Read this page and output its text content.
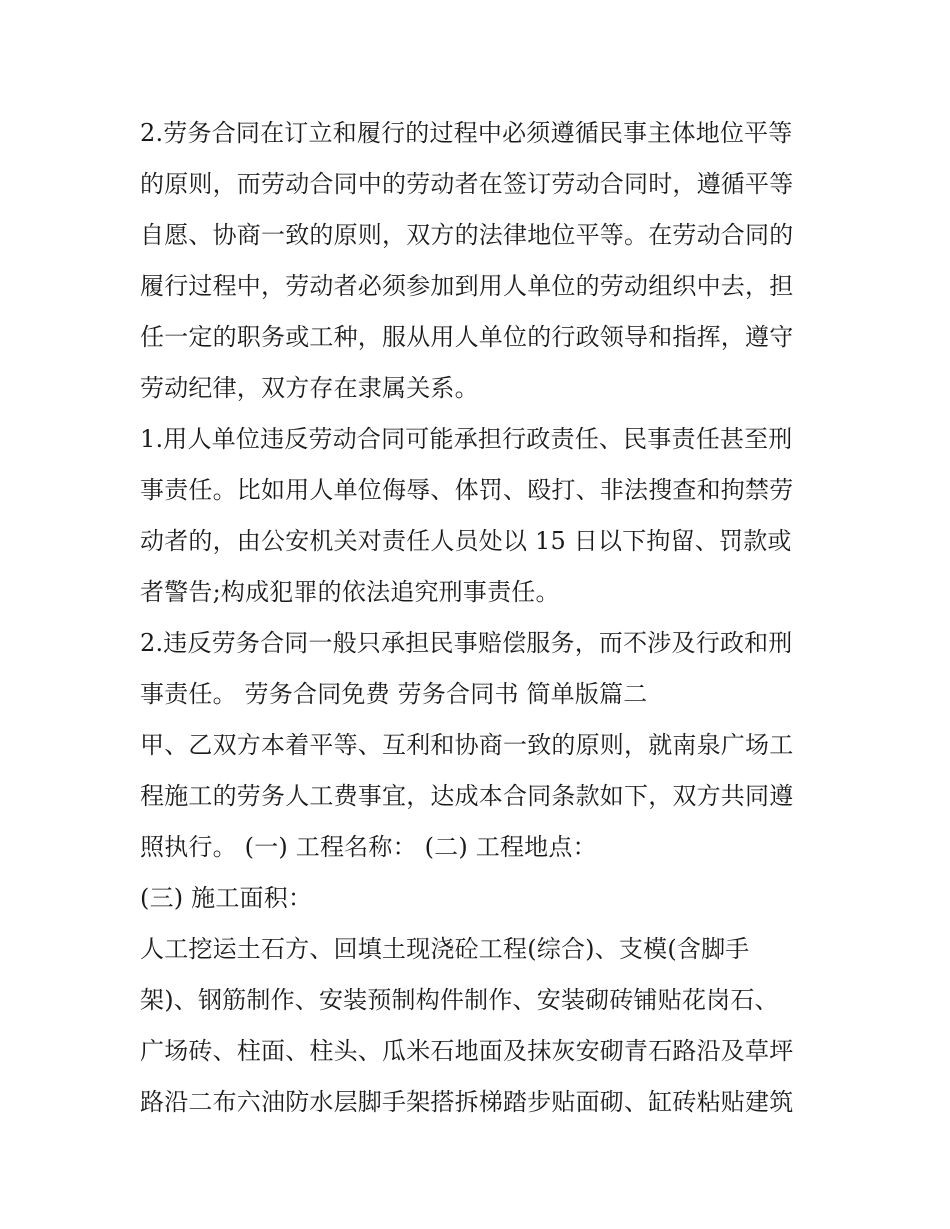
2.劳务合同在订立和履行的过程中必须遵循民事主体地位平等
的原则，而劳动合同中的劳动者在签订劳动合同时，遵循平等
自愿、协商一致的原则，双方的法律地位平等。在劳动合同的
履行过程中，劳动者必须参加到用人单位的劳动组织中去，担
任一定的职务或工种，服从用人单位的行政领导和指挥，遵守
劳动纪律，双方存在隶属关系。
1.用人单位违反劳动合同可能承担行政责任、民事责任甚至刑
事责任。比如用人单位侮辱、体罚、殴打、非法搜查和拘禁劳
动者的，由公安机关对责任人员处以 15 日以下拘留、罚款或
者警告;构成犯罪的依法追究刑事责任。
2.违反劳务合同一般只承担民事赔偿服务，而不涉及行政和刑
事责任。 劳务合同免费 劳务合同书 简单版篇二
甲、乙双方本着平等、互利和协商一致的原则，就南泉广场工
程施工的劳务人工费事宜，达成本合同条款如下，双方共同遵
照执行。 (一) 工程名称： (二) 工程地点：
(三) 施工面积：
人工挖运土石方、回填土现浇砼工程(综合)、支模(含脚手
架)、钢筋制作、安装预制构件制作、安装砌砖铺贴花岗石、
广场砖、柱面、柱头、瓜米石地面及抹灰安砌青石路沿及草坪
路沿二布六油防水层脚手架搭拆梯踏步贴面砌、缸砖粘贴建筑
